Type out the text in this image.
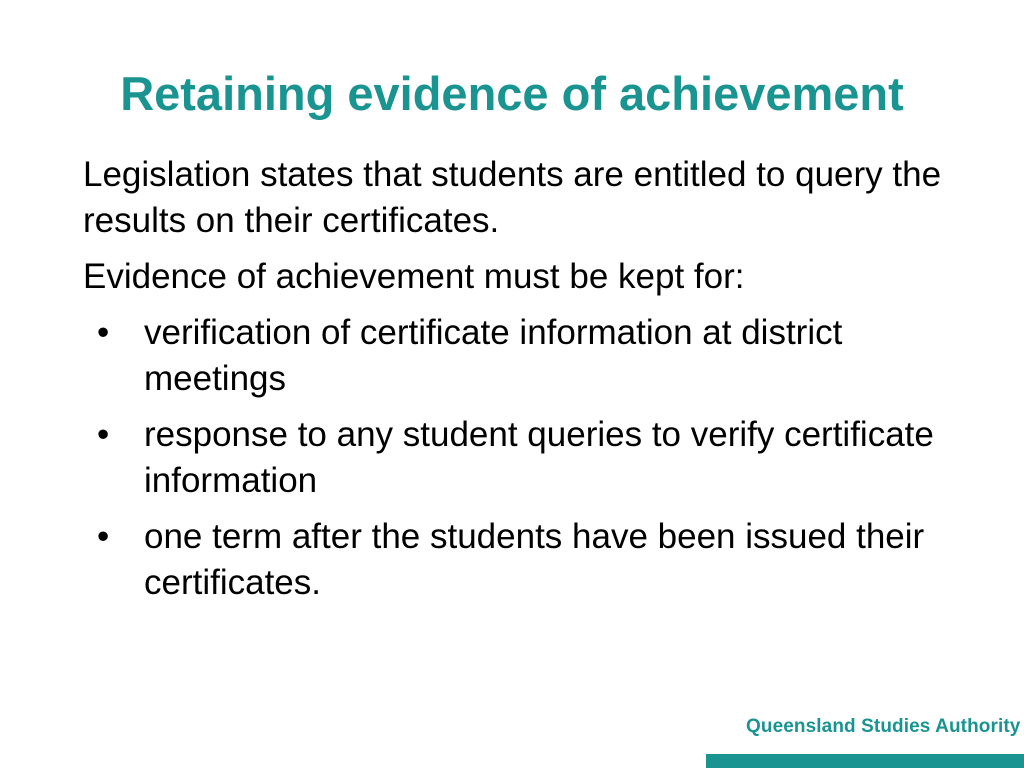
Retaining evidence of achievement

Legislation states that students are entitled to query the results on their certificates.

Evidence of achievement must be kept for:

• verification of certificate information at district meetings
• response to any student queries to verify certificate information
• one term after the students have been issued their certificates.
Queensland Studies Authority
